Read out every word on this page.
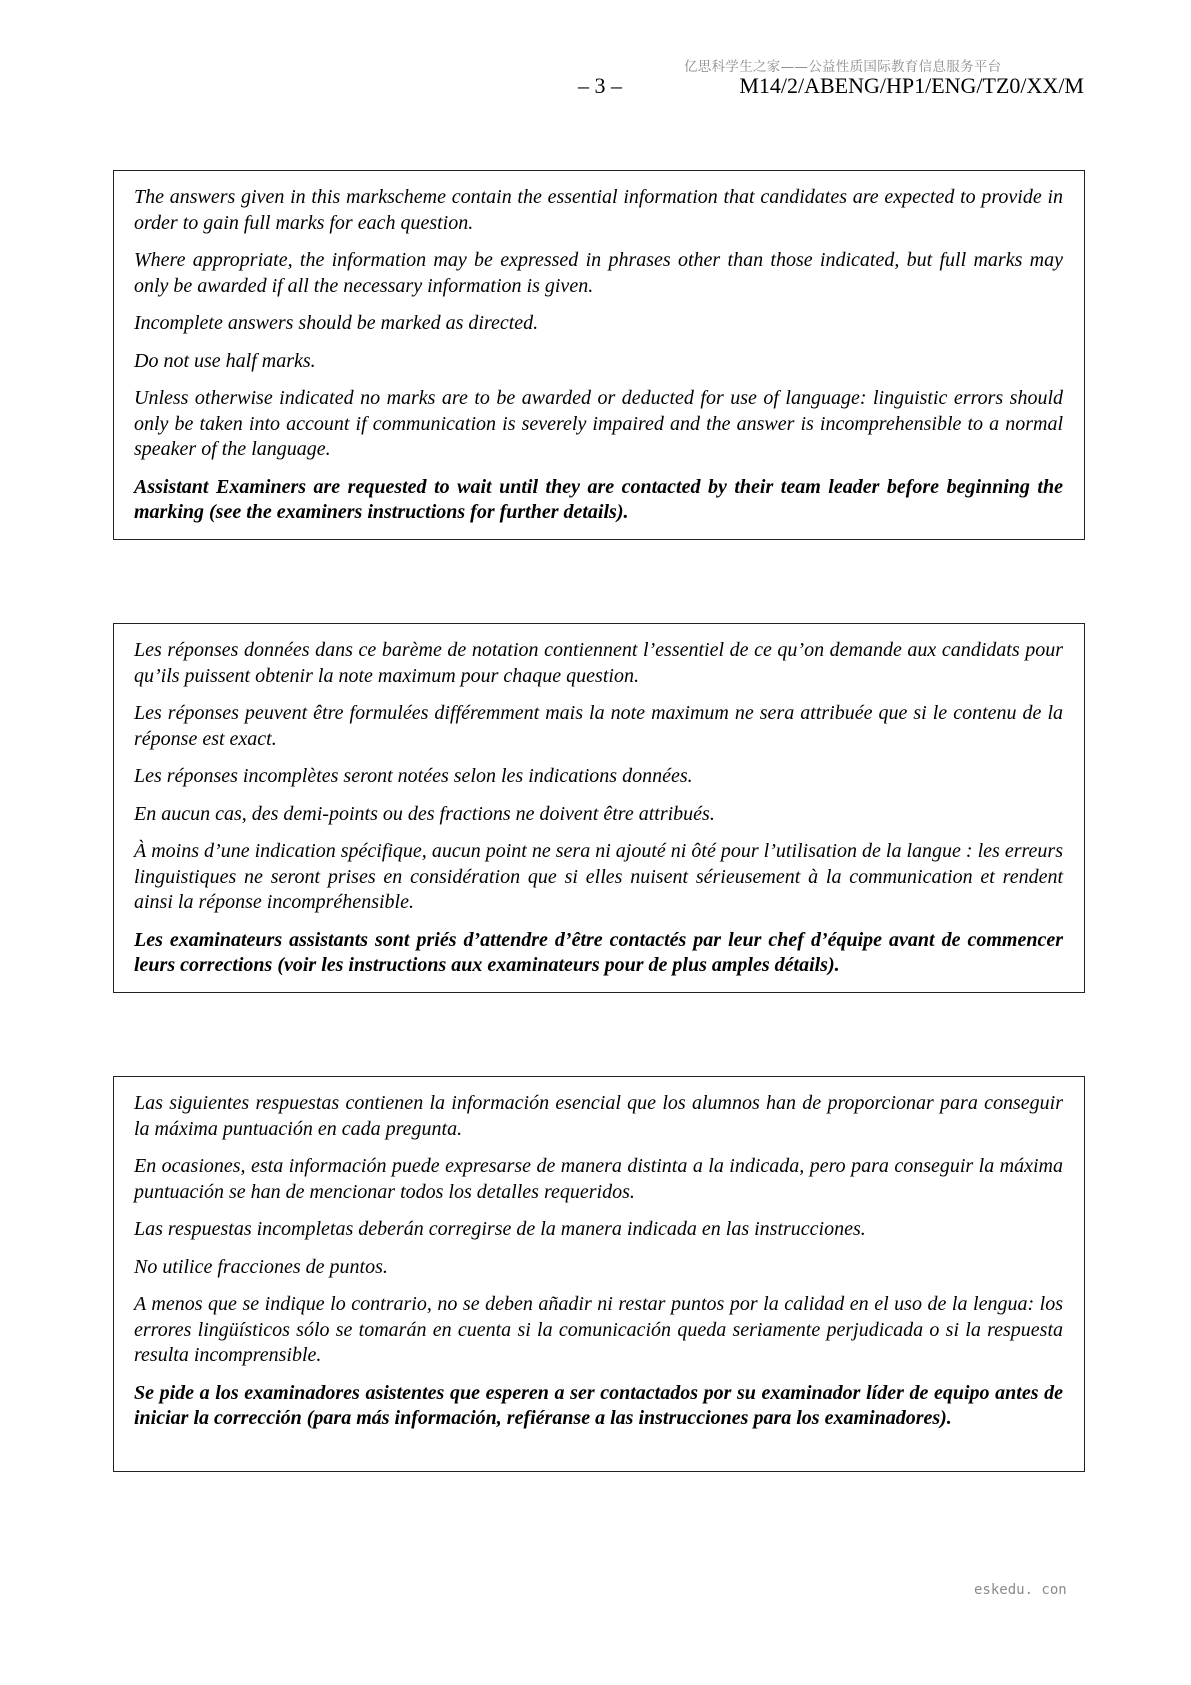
亿思科学生之家——公益性质国际教育信息服务平台
– 3 –	M14/2/ABENG/HP1/ENG/TZ0/XX/M

The answers given in this markscheme contain the essential information that candidates are expected to provide in order to gain full marks for each question.

Where appropriate, the information may be expressed in phrases other than those indicated, but full marks may only be awarded if all the necessary information is given.

Incomplete answers should be marked as directed.

Do not use half marks.

Unless otherwise indicated no marks are to be awarded or deducted for use of language: linguistic errors should only be taken into account if communication is severely impaired and the answer is incomprehensible to a normal speaker of the language.

Assistant Examiners are requested to wait until they are contacted by their team leader before beginning the marking (see the examiners instructions for further details).

Les réponses données dans ce barème de notation contiennent l’essentiel de ce qu’on demande aux candidats pour qu’ils puissent obtenir la note maximum pour chaque question.

Les réponses peuvent être formulées différemment mais la note maximum ne sera attribuée que si le contenu de la réponse est exact.

Les réponses incomplètes seront notées selon les indications données.

En aucun cas, des demi-points ou des fractions ne doivent être attribués.

À moins d’une indication spécifique, aucun point ne sera ni ajouté ni ôté pour l’utilisation de la langue : les erreurs linguistiques ne seront prises en considération que si elles nuisent sérieusement à la communication et rendent ainsi la réponse incompréhensible.

Les examinateurs assistants sont priés d’attendre d’être contactés par leur chef d’équipe avant de commencer leurs corrections (voir les instructions aux examinateurs pour de plus amples détails).

Las siguientes respuestas contienen la información esencial que los alumnos han de proporcionar para conseguir la máxima puntuación en cada pregunta.

En ocasiones, esta información puede expresarse de manera distinta a la indicada, pero para conseguir la máxima puntuación se han de mencionar todos los detalles requeridos.

Las respuestas incompletas deberán corregirse de la manera indicada en las instrucciones.

No utilice fracciones de puntos.

A menos que se indique lo contrario, no se deben añadir ni restar puntos por la calidad en el uso de la lengua: los errores lingüísticos sólo se tomarán en cuenta si la comunicación queda seriamente perjudicada o si la respuesta resulta incomprensible.

Se pide a los examinadores asistentes que esperen a ser contactados por su examinador líder de equipo antes de iniciar la corrección (para más información, refiéranse a las instrucciones para los examinadores).

eskedu. con
